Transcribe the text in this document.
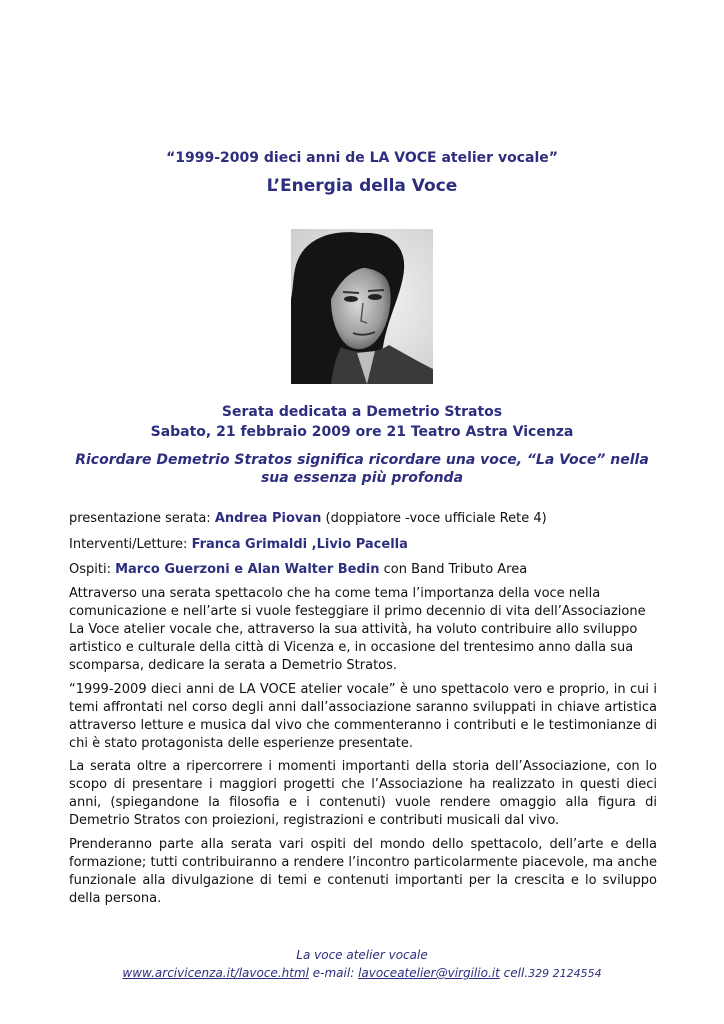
“1999-2009 dieci anni de LA VOCE atelier vocale”
L’Energia della Voce
Serata dedicata a Demetrio Stratos
Sabato, 21 febbraio 2009 ore 21 Teatro Astra Vicenza
Ricordare Demetrio Stratos significa ricordare una voce, “La Voce” nella sua essenza più profonda
presentazione serata: Andrea Piovan (doppiatore -voce ufficiale Rete 4)
Interventi/Letture: Franca Grimaldi ,Livio Pacella
Ospiti: Marco Guerzoni e Alan Walter Bedin con Band Tributo Area
Attraverso una serata spettacolo che ha come tema l’importanza della voce nella comunicazione e nell’arte si vuole festeggiare il primo decennio di vita dell’Associazione La Voce atelier vocale che, attraverso la sua attività, ha voluto contribuire allo sviluppo artistico e culturale della città di Vicenza e, in occasione del trentesimo anno dalla sua scomparsa, dedicare la serata a Demetrio Stratos.
“1999-2009 dieci anni de LA VOCE atelier vocale” è uno spettacolo vero e proprio, in cui i temi affrontati nel corso degli anni dall’associazione saranno sviluppati in chiave artistica attraverso letture e musica dal vivo che commenteranno i contributi e le testimonianze di chi è stato protagonista delle esperienze presentate.
La serata oltre a ripercorrere i momenti importanti della storia dell’Associazione, con lo scopo di presentare i maggiori progetti che l’Associazione ha realizzato in questi dieci anni, (spiegandone la filosofia e i contenuti) vuole rendere omaggio alla figura di Demetrio Stratos con proiezioni, registrazioni e contributi musicali dal vivo.
Prenderanno parte alla serata vari ospiti del mondo dello spettacolo, dell’arte e della formazione; tutti contribuiranno a rendere l’incontro particolarmente piacevole, ma anche funzionale alla divulgazione di temi e contenuti importanti per la crescita e lo sviluppo della persona.
La voce atelier vocale
www.arcivicenza.it/lavoce.html e-mail: lavoceatelier@virgilio.it cell.329 2124554
